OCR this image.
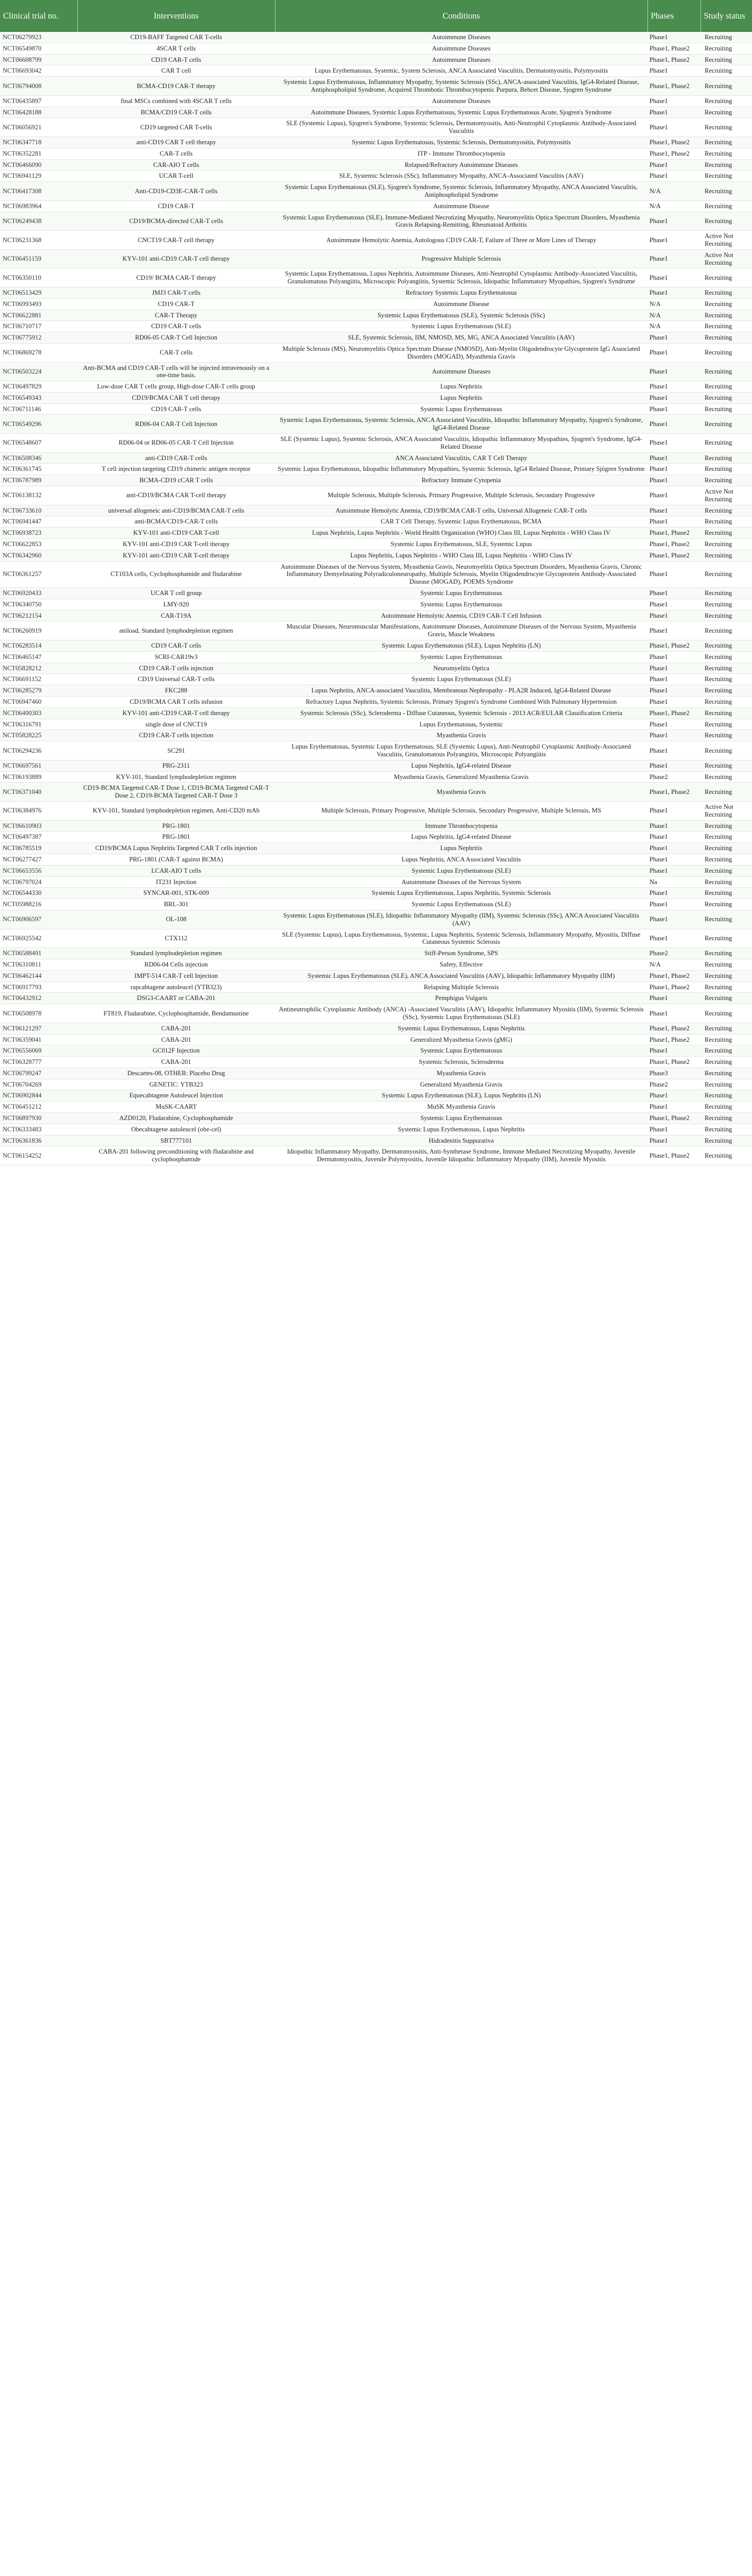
Clinical trial no.	Interventions	Conditions	Phases	Study status
NCT06279923	CD19-BAFF Targeted CAR T-cells	Autoimmune Diseases	Phase1	Recruiting
NCT06549870	4SCAR T cells	Autoimmune Diseases	Phase1, Phase2	Recruiting
NCT06608799	CD19 CAR-T cells	Autoimmune Diseases	Phase1, Phase2	Recruiting
NCT06693042	CAR T cell	Lupus Erythematosus, Systemic, System Sclerosis, ANCA Associated Vasculitis, Dermatomyositis, Polymyositis	Phase1	Recruiting
NCT06794008	BCMA-CD19 CAR-T therapy	Systemic Lupus Erythematosus, Inflammatory Myopathy, Systemic Sclerosis (SSc), ANCA-associated Vasculitis, IgG4-Related Disease, Antiphospholipid Syndrome, Acquired Thrombotic Thrombocytopenic Purpura, Behcet Disease, Sjogren Syndrome	Phase1, Phase2	Recruiting
NCT06435897	final MSCs combined with 4SCAR T cells	Autoimmune Diseases	Phase1	Recruiting
NCT06428188	BCMA/CD19 CAR-T cells	Autoimmune Diseases, Systemic Lupus Erythematosus, Systemic Lupus Erythematosus Acute, Sjogren's Syndrome	Phase1	Recruiting
NCT06056921	CD19 targeted CAR T-cells	SLE (Systemic Lupus), Sjogren's Syndrome, Systemic Sclerosis, Dermatomyositis, Anti-Neutrophil Cytoplasmic Antibody-Associated Vasculitis	Phase1	Recruiting
NCT06347718	anti-CD19 CAR T cell therapy	Systemic Lupus Erythematosus, Systemic Sclerosis, Dermatomyositis, Polymyositis	Phase1, Phase2	Recruiting
NCT06352281	CAR-T cells	ITP - Immune Thrombocytopenia	Phase1, Phase2	Recruiting
NCT06466090	CAR-AIO T cells	Relapsed/Refractory Autoimmune Diseases	Phase1	Recruiting
NCT06941129	UCAR T-cell	SLE, Systemic Sclerosis (SSc), Inflammatory Myopathy, ANCA-Associated Vasculitis (AAV)	Phase1	Recruiting
NCT06417308	Anti-CD19-CD3E-CAR-T cells	Systemic Lupus Erythematosus (SLE), Sjogren's Syndrome, Systemic Sclerosis, Inflammatory Myopathy, ANCA Associated Vasculitis, Antiphospholipid Syndrome	N/A	Recruiting
NCT06983964	CD19 CAR-T	Autoimmune Disease	N/A	Recruiting
NCT06249438	CD19/BCMA-directed CAR-T cells	Systemic Lupus Erythematosus (SLE), Immune-Mediated Necrotizing Myopathy, Neuromyelitis Optica Spectrum Disorders, Myasthenia Gravis Relapsing-Remitting, Rheumatoid Arthritis	Phase1	Recruiting
NCT06231368	CNCT19 CAR-T cell therapy	Autoimmune Hemolytic Anemia, Autologous CD19 CAR-T, Failure of Three or More Lines of Therapy	Phase1	Active Not Recruiting
NCT06451159	KYV-101 anti-CD19 CAR-T cell therapy	Progressive Multiple Sclerosis	Phase1	Active Not Recruiting
NCT06350110	CD19/ BCMA CAR-T therapy	Systemic Lupus Erythematosus, Lupus Nephritis, Autoimmune Diseases, Anti-Neutrophil Cytoplasmic Antibody-Associated Vasculitis, Granulomatous Polyangiitis, Microscopic Polyangiitis, Systemic Sclerosis, Idiopathic Inflammatory Myopathies, Sjogren's Syndrome	Phase1	Recruiting
NCT06513429	JMJ3 CAR-T cells	Refractory Systemic Lupus Erythematosus	Phase1	Recruiting
NCT06993493	CD19 CAR-T	Autoimmune Disease	N/A	Recruiting
NCT06622881	CAR-T Therapy	Systemic Lupus Erythematosus (SLE), Systemic Sclerosis (SSc)	N/A	Recruiting
NCT06710717	CD19 CAR-T cells	Systemic Lupus Erythematosus (SLE)	N/A	Recruiting
NCT06775912	RD06-05 CAR-T Cell Injection	SLE, Systemic Sclerosis, IIM, NMOSD, MS, MG, ANCA Associated Vasculitis (AAV)	Phase1	Recruiting
NCT06869278	CAR-T cells	Multiple Sclerosis (MS), Neuromyelitis Optica Spectrum Disease (NMOSD), Anti-Myelin Oligodendrocyte Glycoprotein IgG Associated Disorders (MOGAD), Myasthenia Gravis	Phase1	Recruiting
NCT06503224	Anti-BCMA and CD19 CAR-T cells will be injected intravenously on a one-time basis.	Autoimmune Diseases	Phase1	Recruiting
NCT06497829	Low-dose CAR T cells group, High-dose CAR-T cells group	Lupus Nephritis	Phase1	Recruiting
NCT06549343	CD19/BCMA CAR T cell therapy	Lupus Nephritis	Phase1	Recruiting
NCT06711146	CD19 CAR-T cells	Systemic Lupus Erythematosus	Phase1	Recruiting
NCT06549296	RD06-04 CAR-T Cell Injection	Systemic Lupus Erythematosus, Systemic Sclerosis, ANCA Associated Vasculitis, Idiopathic Inflammatory Myopathy, Sjogren's Syndrome, IgG4-Related Disease	Phase1	Recruiting
NCT06548607	RD06-04 or RD06-05 CAR-T Cell Injection	SLE (Systemic Lupus), Systemic Sclerosis, ANCA Associated Vasculitis, Idiopathic Inflammatory Myopathies, Sjogren's Syndrome, IgG4-Related Disease	Phase1	Recruiting
NCT06508346	anti-CD19 CAR-T cells	ANCA Associated Vasculitis, CAR T Cell Therapy	Phase1	Recruiting
NCT06361745	T cell injection targeting CD19 chimeric antigen receptor	Systemic Lupus Erythematosus, Idiopathic Inflammatory Myopathies, Systemic Sclerosis, IgG4 Related Disease, Primary Sjögren Syndrome	Phase1	Recruiting
NCT06787989	BCMA-CD19 cCAR T cells	Refractory Immune Cytopenia	Phase1	Recruiting
NCT06138132	anti-CD19/BCMA CAR T-cell therapy	Multiple Sclerosis, Multiple Sclerosis, Primary Progressive, Multiple Sclerosis, Secondary Progressive	Phase1	Active Not Recruiting
NCT06733610	universal allogeneic anti-CD19/BCMA CAR-T cells	Autoimmune Hemolytic Anemia, CD19/BCMA CAR-T cells, Universal Allogeneic CAR-T cells	Phase1	Recruiting
NCT06941447	anti-BCMA/CD19-CAR-T cells	CAR T Cell Therapy, Systemic Lupus Erythematosus, BCMA	Phase1	Recruiting
NCT06938723	KYV-101 anti-CD19 CAR T-cell	Lupus Nephritis, Lupus Nephritis - World Health Organization (WHO) Class III, Lupus Nephritis - WHO Class IV	Phase1, Phase2	Recruiting
NCT06622853	KYV-101 anti-CD19 CAR T-cell therapy	Systemic Lupus Erythematosus, SLE, Systemic Lupus	Phase1, Phase2	Recruiting
NCT06342960	KYV-101 anti-CD19 CAR T-cell therapy	Lupus Nephritis, Lupus Nephritis - WHO Class III, Lupus Nephritis - WHO Class IV	Phase1, Phase2	Recruiting
NCT06361257	CT103A cells, Cyclophosphamide and fludarabine	Autoimmune Diseases of the Nervous System, Myasthenia Gravis, Neuromyelitis Optica Spectrum Disorders, Myasthenia Gravis, Chronic Inflammatory Demyelinating Polyradiculoneuropathy, Multiple Sclerosis, Myelin Oligodendrocyte Glycoprotein Antibody-Associated Disease (MOGAD), POEMS Syndrome	Phase1	Recruiting
NCT06920433	UCAR T cell group	Systemic Lupus Erythematosus	Phase1	Recruiting
NCT06340750	LMY-920	Systemic Lupus Erythematosus	Phase1	Recruiting
NCT06212154	CAR-T19A	Autoimmune Hemolytic Anemia, CD19 CAR-T Cell Infusion	Phase1	Recruiting
NCT06260919	aniload, Standard lymphodepletion regimen	Muscular Diseases, Neuromuscular Manifestations, Autoimmune Diseases, Autoimmune Diseases of the Nervous System, Myasthenia Gravis, Muscle Weakness	Phase1	Recruiting
NCT06283514	CD19 CAR-T cells	Systemic Lupus Erythematosus (SLE), Lupus Nephritis (LN)	Phase1, Phase2	Recruiting
NCT06465147	SCRI-CAR19v3	Systemic Lupus Erythematosus	Phase1	Recruiting
NCT05828212	CD19 CAR-T cells injection	Neuromyelitis Optica	Phase1	Recruiting
NCT06691152	CD19 Universal CAR-T cells	Systemic Lupus Erythematosus (SLE)	Phase1	Recruiting
NCT06285279	FKC288	Lupus Nephritis, ANCA-associated Vasculitis, Membranous Nephropathy - PLA2R Induced, IgG4-Related Disease	Phase1	Recruiting
NCT06947460	CD19/BCMA CAR T cells infusion	Refractory Lupus Nephritis, Systemic Sclerosis, Primary Sjogren's Syndrome Combined With Pulmonary Hypertension	Phase1	Recruiting
NCT06400303	KYV-101 anti-CD19 CAR-T cell therapy	Systemic Sclerosis (SSc), Scleroderma - Diffuse Cutaneous, Systemic Sclerosis - 2013 ACR/EULAR Classification Criteria	Phase1, Phase2	Recruiting
NCT06316791	single dose of CNCT19	Lupus Erythematosus, Systemic	Phase1	Recruiting
NCT05828225	CD19 CAR-T cells injection	Myasthenia Gravis	Phase1	Recruiting
NCT06294236	SC291	Lupus Erythematosus, Systemic Lupus Erythematosus, SLE (Systemic Lupus), Anti-Neutrophil Cytoplasmic Antibody-Associated Vasculitis, Granulomatous Polyangiitis, Microscopic Polyangiitis	Phase1	Recruiting
NCT06697561	PRG-2311	Lupus Nephritis, IgG4-related Disease	Phase1	Recruiting
NCT06193889	KYV-101, Standard lymphodepletion regimen	Myasthenia Gravis, Generalized Myasthenia Gravis	Phase2	Recruiting
NCT06371040	CD19-BCMA Targeted CAR-T Dose 1, CD19-BCMA Targeted CAR-T Dose 2, CD19-BCMA Targeted CAR-T Dose 3	Myasthenia Gravis	Phase1, Phase2	Recruiting
NCT06384976	KYV-101, Standard lymphodepletion regimen, Anti-CD20 mAb	Multiple Sclerosis, Primary Progressive, Multiple Sclerosis, Secondary Progressive, Multiple Sclerosis, MS	Phase1	Active Not Recruiting
NCT06610903	PRG-1801	Immune Thrombocytopenia	Phase1	Recruiting
NCT06497387	PRG-1801	Lupus Nephritis, IgG4-related Disease	Phase1	Recruiting
NCT06785519	CD19/BCMA Lupus Nephritis Targeted CAR T cells injection	Lupus Nephritis	Phase1	Recruiting
NCT06277427	PRG-1801 (CAR-T against BCMA)	Lupus Nephritis, ANCA Associated Vasculitis	Phase1	Recruiting
NCT06653556	LCAR-AIO T cells	Systemic Lupus Erythematosus (SLE)	Phase1	Recruiting
NCT06797024	IT231 Injection	Autoimmune Diseases of the Nervous System	Na	Recruiting
NCT06544330	SYNCAR-001, STK-009	Systemic Lupus Erythematosus, Lupus Nephritis, Systemic Sclerosis	Phase1	Recruiting
NCT05988216	BRL-301	Systemic Lupus Erythematosus (SLE)	Phase1	Recruiting
NCT06906597	OL-108	Systemic Lupus Erythematosus (SLE), Idiopathic Inflammatory Myopathy (IIM), Systemic Sclerosis (SSc), ANCA Associated Vasculitis (AAV)	Phase1	Recruiting
NCT06925542	CTX112	SLE (Systemic Lupus), Lupus Erythematosus, Systemic, Lupus Nephritis, Systemic Sclerosis, Inflammatory Myopathy, Myositis, Diffuse Cutaneous Systemic Sclerosis	Phase1	Recruiting
NCT06588491	Standard lymphodepletion regimen	Stiff-Person Syndrome, SPS	Phase2	Recruiting
NCT06310811	RD06-04 Cells injection	Safety, Effective	N/A	Recruiting
NCT06462144	IMPT-514 CAR-T cell Injection	Systemic Lupus Erythematosus (SLE), ANCA Associated Vasculitis (AAV), Idiopathic Inflammatory Myopathy (IIM)	Phase1, Phase2	Recruiting
NCT06917793	rapcabtagene autoleucel (YTB323)	Relapsing Multiple Sclerosis	Phase1, Phase2	Recruiting
NCT06432912	DSG3-CAART or CABA-201	Pemphigus Vulgaris	Phase1	Recruiting
NCT06508978	FT819, Fludarabine, Cyclophosphamide, Bendamustine	Antineutrophilic Cytoplasmic Antibody (ANCA) -Associated Vasculitis (AAV), Idiopathic Inflammatory Myositis (IIM), Systemic Sclerosis (SSc), Systemic Lupus Erythematosus (SLE)	Phase1	Recruiting
NCT06121297	CABA-201	Systemic Lupus Erythematosus, Lupus Nephritis	Phase1, Phase2	Recruiting
NCT06359041	CABA-201	Generalized Myasthenia Gravis (gMG)	Phase1, Phase2	Recruiting
NCT06556069	GC012F Injection	Systemic Lupus Erythematosus	Phase1	Recruiting
NCT06328777	CABA-201	Systemic Sclerosis, Scleroderma	Phase1, Phase2	Recruiting
NCT06799247	Descartes-08, OTHER: Placebo Drug	Myasthenia Gravis	Phase3	Recruiting
NCT06704269	GENETIC: YTB323	Generalized Myasthenia Gravis	Phase2	Recruiting
NCT06902844	Equecabtagene Autoleucel Injection	Systemic Lupus Erythematosus (SLE), Lupus Nephritis (LN)	Phase1	Recruiting
NCT06451212	MuSK-CAART	MuSK Myasthenia Gravis	Phase1	Recruiting
NCT06897930	AZD0120, Fludarabine, Cyclophosphamide	Systemic Lupus Erythematosus	Phase1, Phase2	Recruiting
NCT06333483	Obecabtagene autoleucel (obe-cel)	Systemic Lupus Erythematosus, Lupus Nephritis	Phase1	Recruiting
NCT06361836	SBT777101	Hidradenitis Suppurativa	Phase1	Recruiting
NCT06154252	CABA-201 following preconditioning with fludarabine and cyclophosphamide	Idiopathic Inflammatory Myopathy, Dermatomyositis, Anti-Synthetase Syndrome, Immune Mediated Necrotizing Myopathy, Juvenile Dermatomyositis, Juvenile Polymyositis, Juvenile Idiopathic Inflammatory Myopathy (IIM), Juvenile Myositis	Phase1, Phase2	Recruiting
